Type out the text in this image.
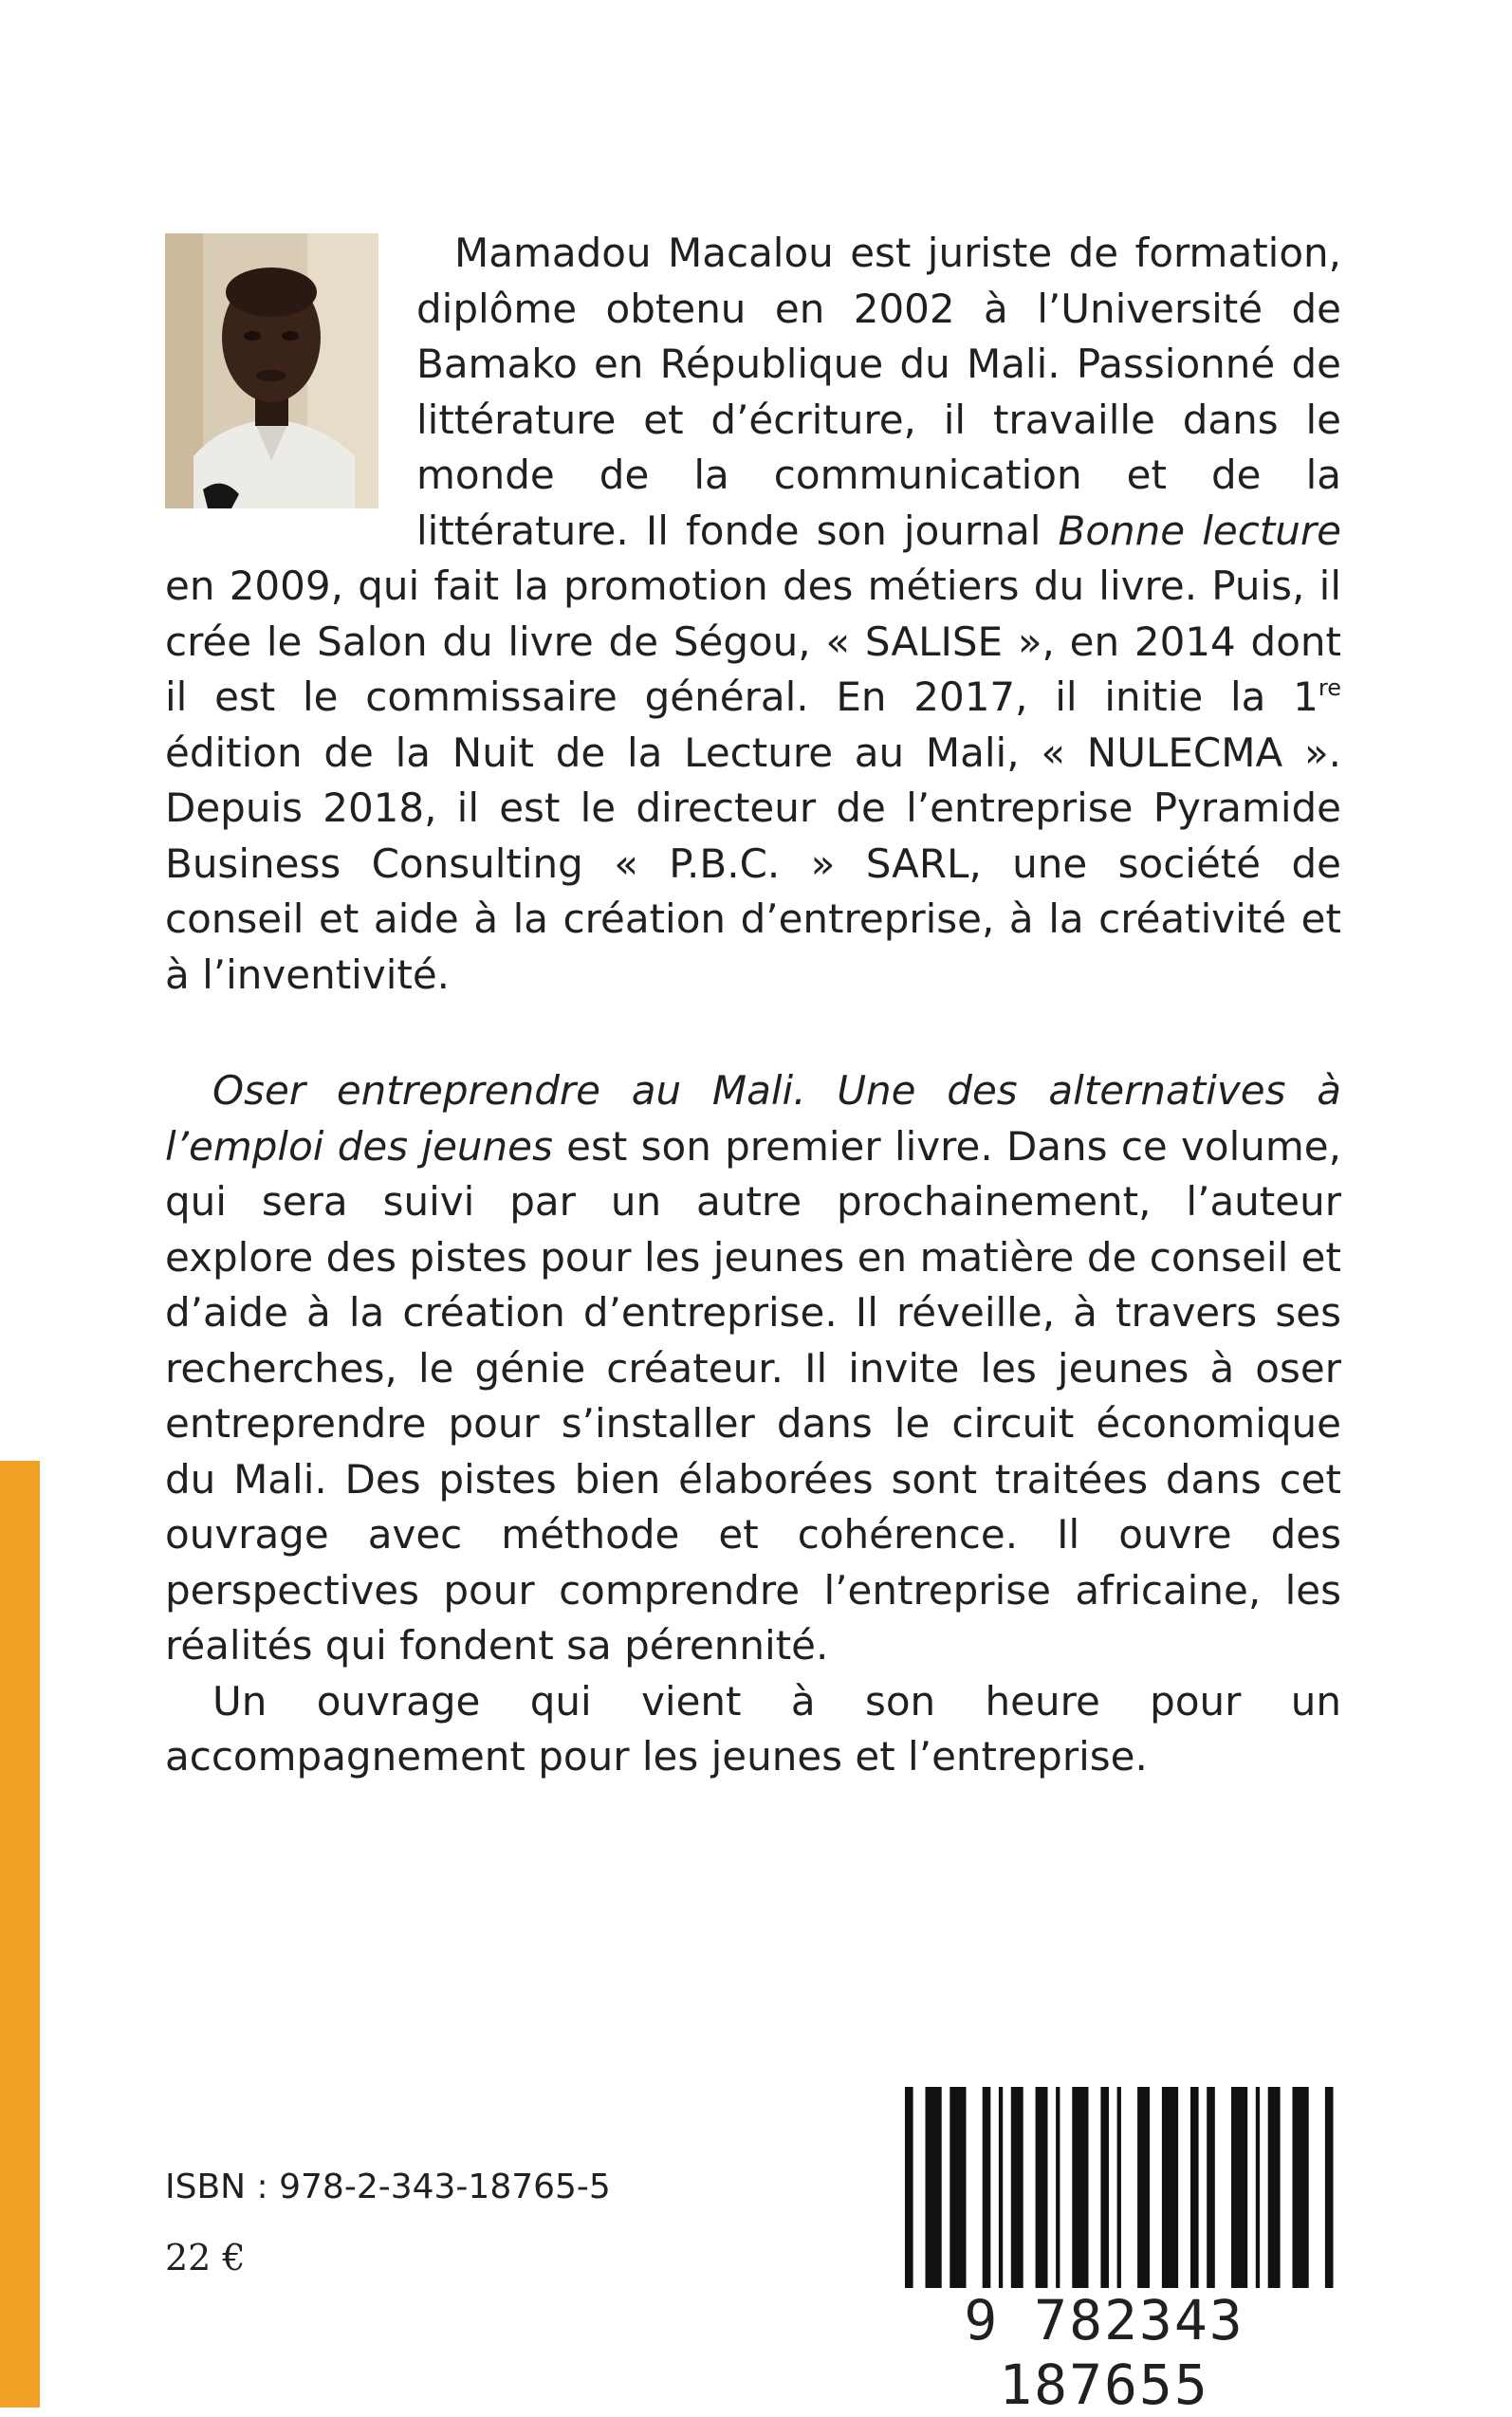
Mamadou Macalou est juriste de formation, diplôme obtenu en 2002 à l’Université de Bamako en République du Mali. Passionné de littérature et d’écriture, il travaille dans le monde de la communication et de la littérature. Il fonde son journal Bonne lecture en 2009, qui fait la promotion des métiers du livre. Puis, il crée le Salon du livre de Ségou, « SALISE », en 2014 dont il est le commissaire général. En 2017, il initie la 1re édition de la Nuit de la Lecture au Mali, « NULECMA ». Depuis 2018, il est le directeur de l’entreprise Pyramide Business Consulting « P.B.C. » SARL, une société de conseil et aide à la création d’entreprise, à la créativité et à l’inventivité.

Oser entreprendre au Mali. Une des alternatives à l’emploi des jeunes est son premier livre. Dans ce volume, qui sera suivi par un autre prochainement, l’auteur explore des pistes pour les jeunes en matière de conseil et d’aide à la création d’entreprise. Il réveille, à travers ses recherches, le génie créateur. Il invite les jeunes à oser entreprendre pour s’installer dans le circuit économique du Mali. Des pistes bien élaborées sont traitées dans cet ouvrage avec méthode et cohérence. Il ouvre des perspectives pour comprendre l’entreprise africaine, les réalités qui fondent sa pérennité.

Un ouvrage qui vient à son heure pour un accompagnement pour les jeunes et l’entreprise.

ISBN : 978-2-343-18765-5
22 €
9 782343 187655
